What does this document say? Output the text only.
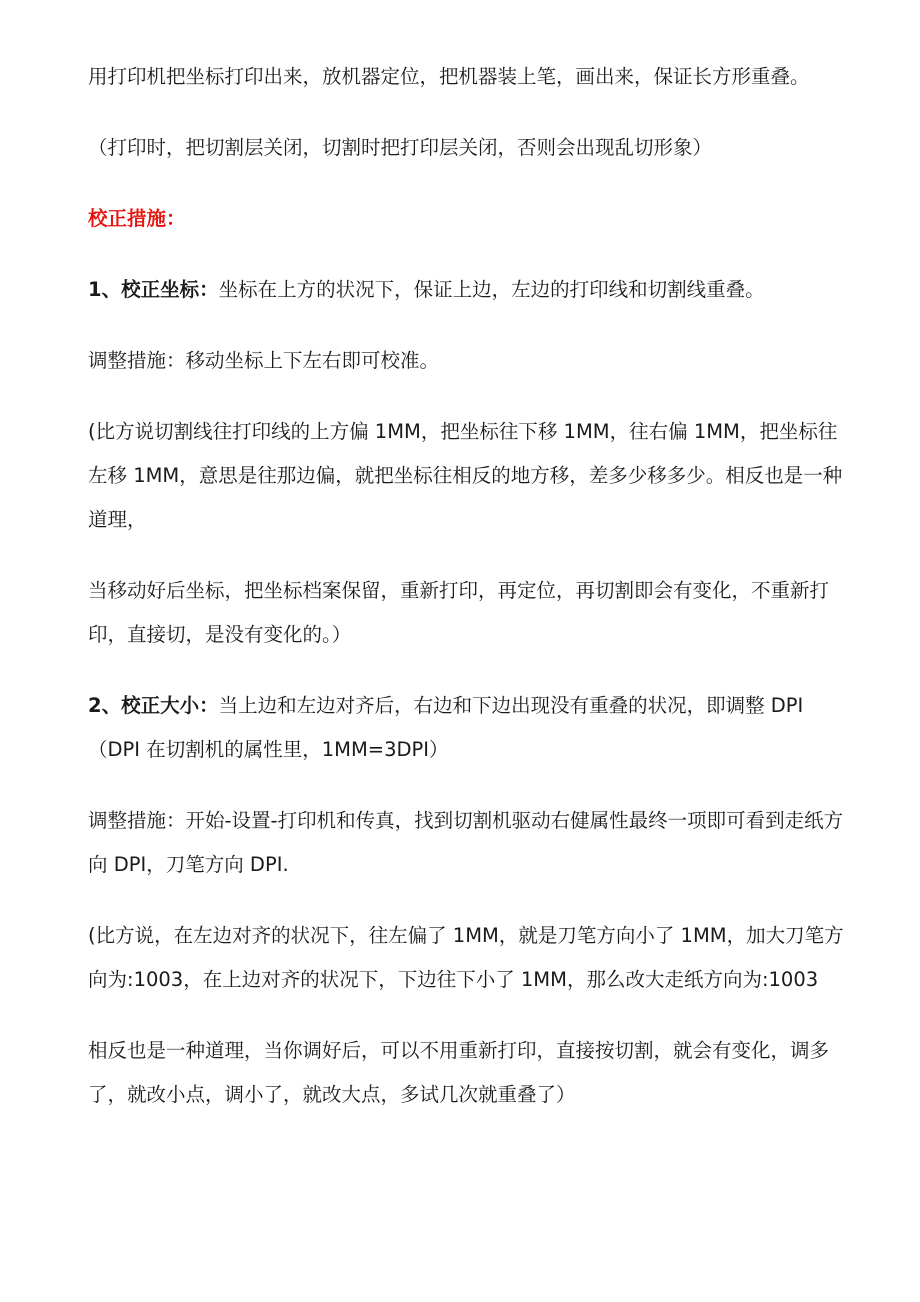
用打印机把坐标打印出来，放机器定位，把机器装上笔，画出来，保证长方形重叠。

（打印时，把切割层关闭，切割时把打印层关闭，否则会出现乱切形象）

校正措施：

1、校正坐标：坐标在上方的状况下，保证上边，左边的打印线和切割线重叠。

调整措施：移动坐标上下左右即可校准。

(比方说切割线往打印线的上方偏 1MM，把坐标往下移 1MM，往右偏 1MM，把坐标往左移 1MM，意思是往那边偏，就把坐标往相反的地方移，差多少移多少。相反也是一种道理，

当移动好后坐标，把坐标档案保留，重新打印，再定位，再切割即会有变化，不重新打印，直接切，是没有变化的。）

2、校正大小：当上边和左边对齐后，右边和下边出现没有重叠的状况，即调整 DPI（DPI 在切割机的属性里，1MM=3DPI）

调整措施：开始-设置-打印机和传真，找到切割机驱动右健属性最终一项即可看到走纸方向 DPI，刀笔方向 DPI.

(比方说，在左边对齐的状况下，往左偏了 1MM，就是刀笔方向小了 1MM，加大刀笔方向为:1003，在上边对齐的状况下，下边往下小了 1MM，那么改大走纸方向为:1003

相反也是一种道理，当你调好后，可以不用重新打印，直接按切割，就会有变化，调多了，就改小点，调小了，就改大点，多试几次就重叠了）
